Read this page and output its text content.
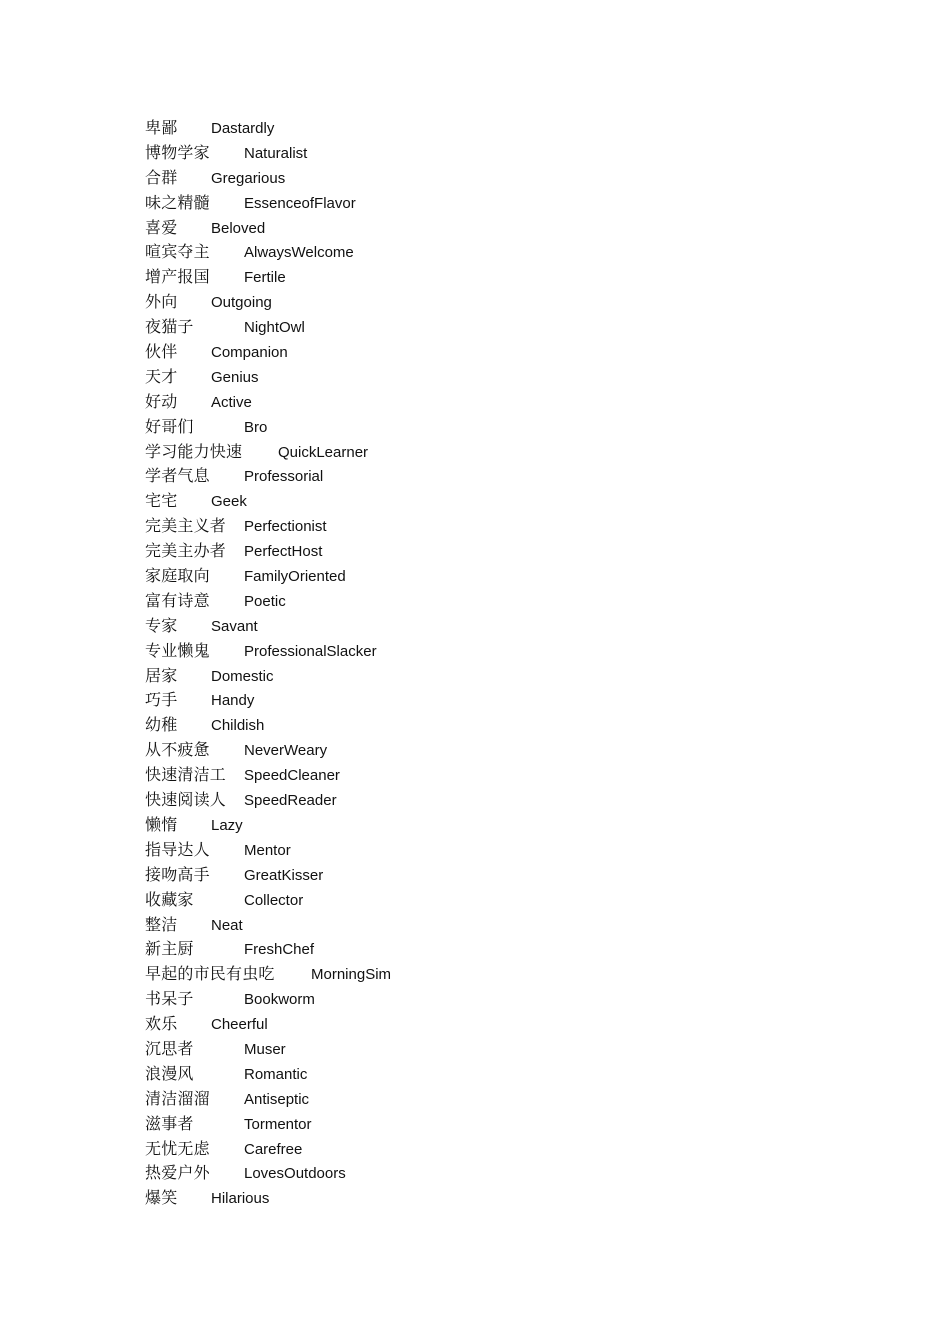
卑鄙 Dastardly
博物学家 Naturalist
合群 Gregarious
味之精髓 EssenceofFlavor
喜爱 Beloved
喧宾夺主 AlwaysWelcome
增产报国 Fertile
外向 Outgoing
夜猫子	NightOwl
伙伴 Companion
天才 Genius
好动 Active
好哥们	Bro
学习能力快速 QuickLearner
学者气息 Professorial
宅宅 Geek
完美主义者 Perfectionist
完美主办者 PerfectHost
家庭取向 FamilyOriented
富有诗意 Poetic
专家 Savant
专业懒鬼 ProfessionalSlacker
居家 Domestic
巧手 Handy
幼稚 Childish
从不疲惫 NeverWeary
快速清洁工 SpeedCleaner
快速阅读人 SpeedReader
懒惰 Lazy
指导达人 Mentor
接吻高手 GreatKisser
收藏家	Collector
整洁 Neat
新主厨	FreshChef
早起的市民有虫吃 MorningSim
书呆子	Bookworm
欢乐 Cheerful
沉思者	Muser
浪漫风	Romantic
清洁溜溜 Antiseptic
滋事者	Tormentor
无忧无虑 Carefree
热爱户外 LovesOutdoors
爆笑 Hilarious
